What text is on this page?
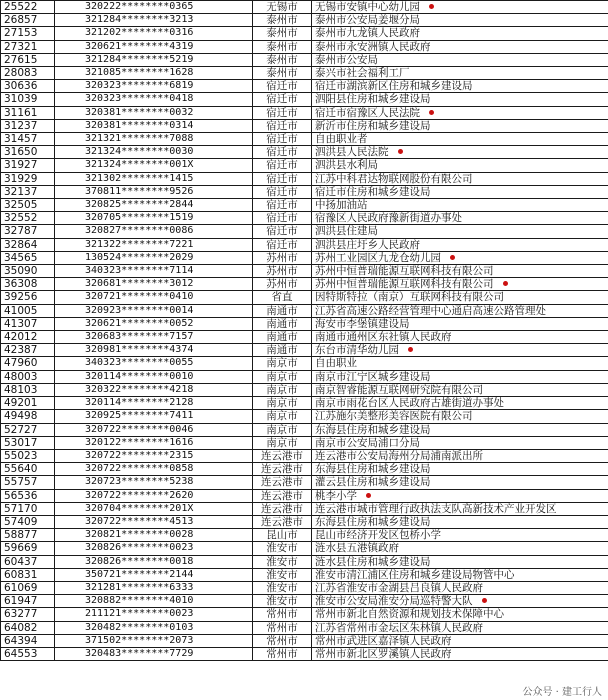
25522	320222********0365	无锡市	无锡市安镇中心幼儿园
26857	321284********3213	泰州市	泰州市公安局姜堰分局
27153	321202********0316	泰州市	泰州市九龙镇人民政府
27321	320621********4319	泰州市	泰州市永安洲镇人民政府
27615	321284********5219	泰州市	泰州市公安局
28083	321085********1628	泰州市	泰兴市社会福利工厂
30636	320323********6819	宿迁市	宿迁市湖滨新区住房和城乡建设局
31039	320323********0418	宿迁市	泗阳县住房和城乡建设局
31161	320381********0032	宿迁市	宿迁市宿豫区人民法院
31237	320381********0314	宿迁市	新沂市住房和城乡建设局
31457	321321********7088	宿迁市	自由职业者
31650	321324********0030	宿迁市	泗洪县人民法院
31927	321324********001X	宿迁市	泗洪县水利局
31929	321302********1415	宿迁市	江苏中科君达物联网股份有限公司
32137	370811********9526	宿迁市	宿迁市住房和城乡建设局
32505	320825********2844	宿迁市	中扬加油站
32552	320705********1519	宿迁市	宿豫区人民政府豫新街道办事处
32787	320827********0086	宿迁市	泗洪县住建局
32864	321322********7221	宿迁市	泗洪县庄圩乡人民政府
34565	130524********2029	苏州市	苏州工业园区九龙仓幼儿园
35090	340323********7114	苏州市	苏州中恒普瑞能源互联网科技有限公司
36308	320681********3012	苏州市	苏州中恒普瑞能源互联网科技有限公司
39256	320721********0410	省直	因特斯特拉（南京）互联网科技有限公司
41005	320923********0014	南通市	江苏省高速公路经营管理中心通启高速公路管理处
41307	320621********0052	南通市	海安市李堡镇建设局
42012	320683********7157	南通市	南通市通州区东社镇人民政府
42387	320981********4374	南通市	东台市清华幼儿园
47960	340323********0055	南京市	自由职业
48003	320114********0010	南京市	南京市江宁区城乡建设局
48103	320322********4218	南京市	南京智睿能源互联网研究院有限公司
49201	320114********2128	南京市	南京市雨花台区人民政府古雄街道办事处
49498	320925********7411	南京市	江苏施尔美整形美容医院有限公司
52727	320722********0046	南京市	东海县住房和城乡建设局
53017	320122********1616	南京市	南京市公安局浦口分局
55023	320722********2315	连云港市	连云港市公安局海州分局浦南派出所
55640	320722********0858	连云港市	东海县住房和城乡建设局
55757	320723********5238	连云港市	灌云县住房和城乡建设局
56536	320722********2620	连云港市	桃李小学
57170	320704********201X	连云港市	连云港市城市管理行政执法支队高新技术产业开发区
57409	320722********4513	连云港市	东海县住房和城乡建设局
58877	320821********0028	昆山市	昆山市经济开发区包桥小学
59669	320826********0023	淮安市	涟水县五港镇政府
60437	320826********0018	淮安市	涟水县住房和城乡建设局
60831	350721********2144	淮安市	淮安市清江浦区住房和城乡建设局物管中心
61069	321281********6333	淮安市	江苏省淮安市金湖县吕良镇人民政府
61947	320882********4010	淮安市	淮安市公安局淮安分局巡特警大队
63277	211121********0023	常州市	常州市新北自然资源和规划技术保障中心
64082	320482********0103	常州市	江苏省常州市金坛区朱林镇人民政府
64394	371502********2073	常州市	常州市武进区嘉泽镇人民政府
64553	320483********7729	常州市	常州市新北区罗溪镇人民政府
公众号 · 建工行人
